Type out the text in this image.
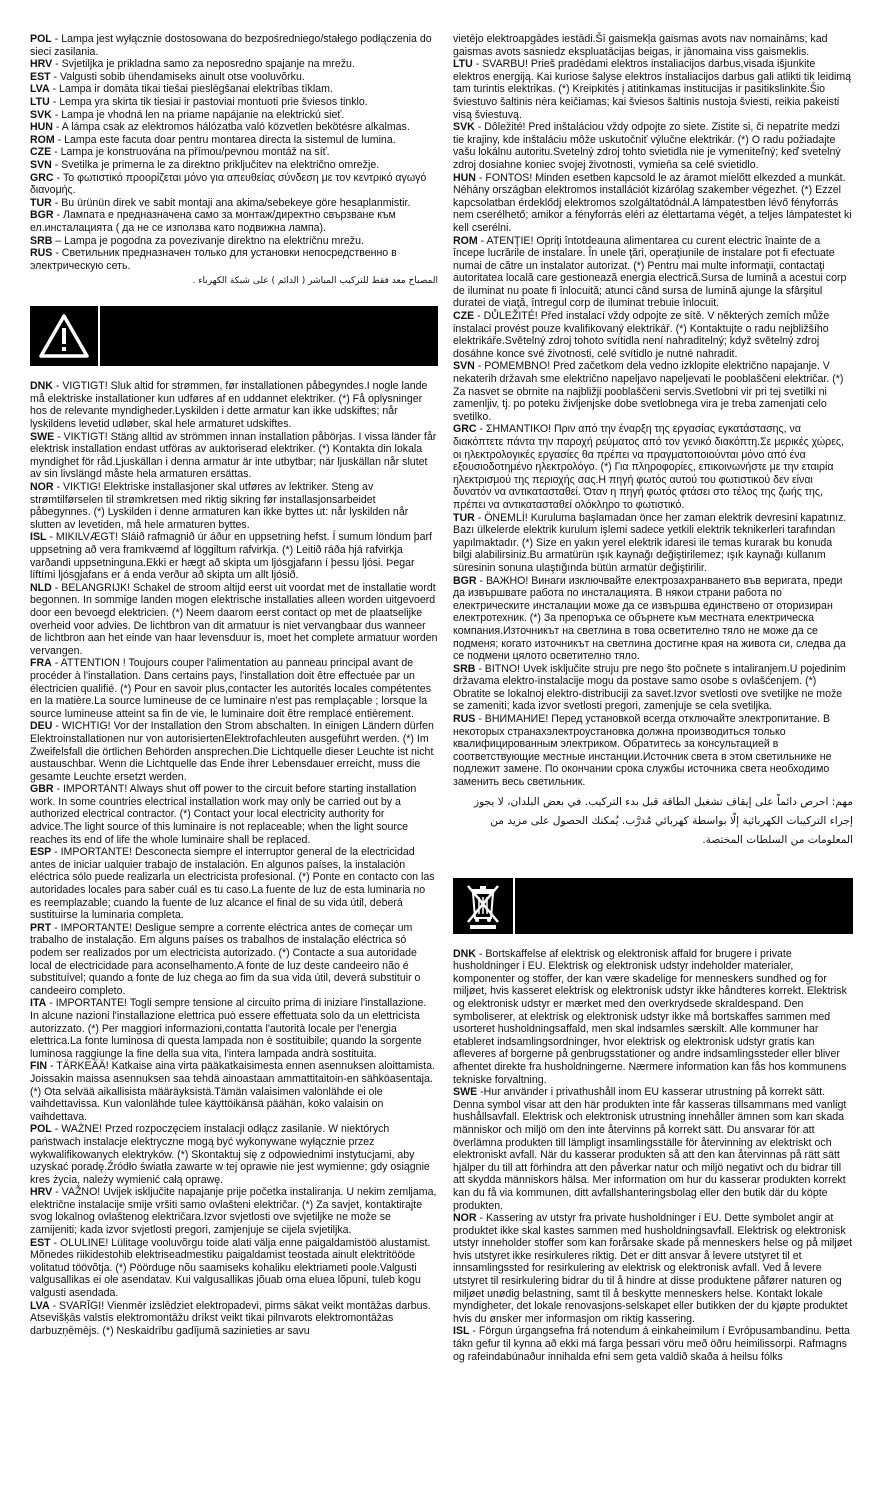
POL - Lampa jest wyłącznie dostosowana do bezpośredniego/stałego podłączenia do sieci zasilania.

HRV - Svjetiljka je prikladna samo za neposredno spajanje na mrežu.

EST - Valgusti sobib ühendamiseks ainult otse vooluvõrku.

LVA - Lampa ir domāta tikai tiešai pieslēgšanai elektrības tīklam.

LTU - Lempa yra skirta tik tiesiai ir pastoviai montuoti prie šviesos tinklo.

SVK - Lampa je vhodná len na priame napájanie na elektrickú sieť.

HUN - A lámpa csak az elektromos hálózatba való közvetlen bekötésre alkalmas.

ROM - Lampa este facuta doar pentru montarea directa la sistemul de lumina.

CZE - Lampa je konstruována na přímou/pevnou montáž na síť.

SVN - Svetilka je primerna le za direktno priključitev na električno omrežje.

GRC - Το φωτιστικό προορίζεται μόνο για απευθείας σύνδεση με τον κεντρικό αγωγό διανομής.

TUR - Bu ürünün direk ve sabit montaji ana akima/sebekeye göre hesaplanmistir.

BGR - Лампата е предназначена само за монтаж/директно свързване към ел.инсталацията ( да не се използва като подвижна лампа).

SRB – Lampa je pogodna za povezivanje direktno na električnu mrežu.

RUS - Светильник предназначен только для установки непосредственно в электрическую сеть.

المصباح معد فقط للتركيب المباشر ( الدائم ) على شبكة الكهرباء .

DNK - VIGTIGT! Sluk altid for strømmen, før installationen påbegyndes.I nogle lande må elektriske installationer kun udføres af en uddannet elektriker. (*) Få oplysninger hos de relevante myndigheder.Lyskilden i dette armatur kan ikke udskiftes; når lyskildens levetid udløber, skal hele armaturet udskiftes.

SWE - VIKTIGT! Stäng alltid av strömmen innan installation påbörjas. I vissa länder får elektrisk installation endast utföras av auktoriserad elektriker. (*) Kontakta din lokala myndighet för råd.Ljuskällan i denna armatur är inte utbytbar; när ljuskällan når slutet av sin livslängd måste hela armaturen ersättas.

NOR - VIKTIG! Elektriske installasjoner skal utføres av lektriker. Steng av strømtilførselen til strømkretsen med riktig sikring før installasjonsarbeidet påbegynnes. (*) Lyskilden i denne armaturen kan ikke byttes ut: når lyskilden når slutten av levetiden, må hele armaturen byttes.

ISL - MIKILVÆGT! Sláið rafmagnið úr áður en uppsetning hefst. Í sumum löndum þarf uppsetning að vera framkvæmd af löggiltum rafvirkja. (*) Leitið ráða hjá rafvirkja varðandi uppsetninguna.Ekki er hægt að skipta um ljósgjafann í þessu ljósi. Þegar líftími ljósgjafans er á enda verður að skipta um allt ljósið.

NLD - BELANGRIJK! Schakel de stroom altijd eerst uit voordat met de installatie wordt begonnen. In sommige landen mogen elektrische installaties alleen worden uitgevoerd door een bevoegd elektricien. (*) Neem daarom eerst contact op met de plaatselijke overheid voor advies. De lichtbron van dit armatuur is niet vervangbaar dus wanneer de lichtbron aan het einde van haar levensduur is, moet het complete armatuur worden vervangen.

FRA - ATTENTION ! Toujours couper l'alimentation au panneau principal avant de procéder à l'installation. Dans certains pays, l'installation doit être effectuée par un électricien qualifié. (*) Pour en savoir plus,contacter les autorités locales compétentes en la matière.La source lumineuse de ce luminaire n'est pas remplaçable ; lorsque la source lumineuse atteint sa fin de vie, le luminaire doit être remplacé entièrement.

DEU - WICHTIG! Vor der Installation den Strom abschalten. In einigen Ländern dürfen Elektroinstallationen nur von autorisiertenElektrofachleuten ausgeführt werden. (*) Im Zweifelsfall die örtlichen Behörden ansprechen.Die Lichtquelle dieser Leuchte ist nicht austauschbar. Wenn die Lichtquelle das Ende ihrer Lebensdauer erreicht, muss die gesamte Leuchte ersetzt werden.

GBR - IMPORTANT! Always shut off power to the circuit before starting installation work. In some countries electrical installation work may only be carried out by a authorized electrical contractor. (*) Contact your local electricity authority for advice.The light source of this luminaire is not replaceable; when the light source reaches its end of life the whole luminaire shall be replaced.

ESP - IMPORTANTE! Desconecta siempre el interruptor general de la electricidad antes de iniciar ualquier trabajo de instalación. En algunos países, la instalación eléctrica sólo puede realizarla un electricista profesional. (*) Ponte en contacto con las autoridades locales para saber cuál es tu caso.La fuente de luz de esta luminaria no es reemplazable; cuando la fuente de luz alcance el final de su vida útil, deberá sustituirse la luminaria completa.

PRT - IMPORTANTE! Desligue sempre a corrente eléctrica antes de começar um trabalho de instalação. Em alguns países os trabalhos de instalação eléctrica só podem ser realizados por um electricista autorizado. (*) Contacte a sua autoridade local de electricidade para aconselhamento.A fonte de luz deste candeeiro não é substituível; quando a fonte de luz chega ao fim da sua vida útil, deverá substituir o candeeiro completo.

ITA - IMPORTANTE! Togli sempre tensione al circuito prima di iniziare l'installazione. In alcune nazioni l'installazione elettrica può essere effettuata solo da un elettricista autorizzato. (*) Per maggiori informazioni,contatta l'autorità locale per l'energia elettrica.La fonte luminosa di questa lampada non è sostituibile; quando la sorgente luminosa raggiunge la fine della sua vita, l'intera lampada andrà sostituita.

FIN - TÄRKEÄÄ! Katkaise aina virta pääkatkaisimesta ennen asennuksen aloittamista. Joissakin maissa asennuksen saa tehdä ainoastaan ammattitaitoin-en sähköasentaja. (*) Ota selvää aikallisista määräyksistä.Tämän valaisimen valonlähde ei ole vaihdettavissa. Kun valonlähde tulee käyttöikänsä päähän, koko valaisin on vaihdettava.

POL - WAŻNE! Przed rozpoczęciem instalacji odłącz zasilanie. W niektórych państwach instalacje elektryczne mogą być wykonywane wyłącznie przez wykwalifikowanych elektryków. (*) Skontaktuj się z odpowiednimi instytucjami, aby uzyskać poradę.Źródło światła zawarte w tej oprawie nie jest wymienne; gdy osiągnie kres życia, należy wymienić całą oprawę.

HRV - VAŽNO! Uvijek isključite napajanje prije početka instaliranja. U nekim zemljama, električne instalacije smije vršiti samo ovlašteni električar. (*) Za savjet, kontaktirajte svog lokalnog ovlaštenog električara.Izvor svjetlosti ove svjetiljke ne može se zamijeniti; kada izvor svjetlosti pregori, zamjenjuje se cijela svjetiljka.

EST - OLULINE! Lülitage vooluvõrgu toide alati välja enne paigaldamistöö alustamist. Mõnedes riikidestohib elektriseadmestiku paigaldamist teostada ainult elektritööde volitatud töövõtja. (*) Pöörduge nõu saamiseks kohaliku elektriameti poole.Valgusti valgusallikas ei ole asendatav. Kui valgusallikas jõuab oma eluea lõpuni, tuleb kogu valgusti asendada.

LVA - SVARĪGI! Vienmēr izslēdziet elektropadevi, pirms sākat veikt montāžas darbus. Atsevišķās valstīs elektromontāžu drīkst veikt tikai pilnvarots elektromontāžas darbuzņēmējs. (*) Neskaidrību gadījumā sazinieties ar savu

vietējo elektroapgādes iestādi.Šī gaismekļa gaismas avots nav nomaināms; kad gaismas avots sasniedz ekspluatācijas beigas, ir jānomaina viss gaismeklis.

LTU - SVARBU! Prieš pradėdami elektros instaliacijos darbus,visada išjunkite elektros energiją. Kai kuriose šalyse elektros instaliacijos darbus gali atlikti tik leidimą tam turintis elektrikas. (*) Kreipkitės į atitinkamas institucijas ir pasitikslinkite.Šio šviestuvo šaltinis nėra keičiamas; kai šviesos šaltinis nustoja šviesti, reikia pakeisti visą šviestuvą.

SVK - Dôležité! Pred inštaláciou vždy odpojte zo siete. Zistite si, či nepatríte medzi tie krajiny, kde inštaláciu môže uskutočniť výlučne elektrikár. (*) O radu požiadajte vašu lokálnu autoritu.Svetelný zdroj tohto svietidla nie je vymeniteľný; keď svetelný zdroj dosiahne koniec svojej životnosti, vymieňa sa celé svietidlo.

HUN - FONTOS! Minden esetben kapcsold le az áramot mielőtt elkezded a munkát. Néhány országban elektromos installációt kizárólag szakember végezhet. (*) Ezzel kapcsolatban érdeklődj elektromos szolgáltatódnál.A lámpatestben lévő fényforrás nem cserélhető; amikor a fényforrás eléri az élettartama végét, a teljes lámpatestet ki kell cserélni.

ROM - ATENŢIE! Opriţi întotdeauna alimentarea cu curent electric înainte de a începe lucrările de instalare. În unele ţări, operaţiunile de instalare pot fi efectuate numai de către un instalator autorizat. (*) Pentru mai multe informaţii, contactaţi autoritatea locală care gestionează energia electrică.Sursa de lumină a acestui corp de iluminat nu poate fi înlocuită; atunci când sursa de lumină ajunge la sfârşitul duratei de viaţă, întregul corp de iluminat trebuie înlocuit.

CZE - DŮLEŽITÉ! Před instalací vždy odpojte ze sítě. V některých zemích může instalaci provést pouze kvalifikovaný elektrikář. (*) Kontaktujte o radu nejbližšího elektrikáře.Světelný zdroj tohoto svítidla není nahraditelný; když světelný zdroj dosáhne konce své životnosti, celé svítidlo je nutné nahradit.

SVN - POMEMBNO! Pred začetkom dela vedno izklopite električno napajanje. V nekaterih državah sme električno napeljavo napeljevati le pooblaščeni električar. (*) Za nasvet se obrnite na najbližji pooblaščeni servis.Svetlobni vir pri tej svetilki ni zamenljiv, tj. po poteku življenjske dobe svetlobnega vira je treba zamenjati celo svetilko.

GRC - ΣΗΜΑΝΤΙΚΟ! Πριν από την έναρξη της εργασίας εγκατάστασης, να διακόπτετε πάντα την παροχή ρεύματος από τον γενικό διακόπτη.Σε μερικές χώρες, οι ηλεκτρολογικές εργασίες θα πρέπει να πραγματοποιούνται μόνο από ένα εξουσιοδοτημένο ηλεκτρολόγο. (*) Για πληροφορίες, επικοινωνήστε με την εταιρία ηλεκτρισμού της περιοχής σας.Η πηγή φωτός αυτού του φωτιστικού δεν είναι δυνατόν να αντικατασταθεί. Όταν η πηγή φωτός φτάσει στο τέλος της ζωής της, πρέπει να αντικατασταθεί ολόκληρο το φωτιστικό.

TUR - ÖNEMLİ! Kuruluma başlamadan önce her zaman elektrik devresini kapatınız. Bazı ülkelerde elektrik kurulum işlemi sadece yetkili elektrik teknikerleri tarafından yapılmaktadır. (*) Size en yakın yerel elektrik idaresi ile temas kurarak bu konuda bilgi alabilirsiniz.Bu armatürün ışık kaynağı değiştirilemez; ışık kaynağı kullanım süresinin sonuna ulaştığında bütün armatür değiştirilir.

BGR - ВАЖНО! Винаги изключвайте електрозахранването във веригата, преди да извършвате работа по инсталацията. В някои страни работа по електрическите инсталации може да се извършва единствено от оторизиран електротехник. (*) За препоръка се обърнете към местната електрическа компания.Източникът на светлина в това осветително тяло не може да се подменя; когато източникът на светлина достигне края на живота си, следва да се подмени цялото осветително тяло.

SRB - BITNO! Uvek isključite struju pre nego što počnete s intaliranjem.U pojedinim državama elektro-instalacije mogu da postave samo osobe s ovlašćenjem. (*) Obratite se lokalnoj elektro-distribuciji za savet.Izvor svetlosti ove svetiljke ne može se zameniti; kada izvor svetlosti pregori, zamenjuje se cela svetiljka.

RUS - ВНИМАНИЕ! Перед установкой всегда отключайте электропитание. В некоторых странахэлектроустановка должна производиться только квалифицированным электриком. Обратитесь за консультацией в соответствующие местные инстанции.Источник света в этом светильнике не подлежит замене. По окончании срока службы источника света необходимо заменить весь светильник.

مهم: احرص دائماً على إيقاف تشغيل الطاقة قبل بدء التركيب. في بعض البلدان، لا يجوز إجراء التركيبات الكهربائية إلّا بواسطة كهربائي مُدرَّب. يُمكنك الحصول على مزيد من المعلومات من السلطات المختصة.

DNK - Bortskaffelse af elektrisk og elektronisk affald for brugere i private husholdninger i EU. Elektrisk og elektronisk udstyr indeholder materialer, komponenter og stoffer, der kan være skadelige for menneskers sundhed og for miljøet, hvis kasseret elektrisk og elektronisk udstyr ikke håndteres korrekt. Elektrisk og elektronisk udstyr er mærket med den overkrydsede skraldespand. Den symboliserer, at elektrisk og elektronisk udstyr ikke må bortskaffes sammen med usorteret husholdningsaffald, men skal indsamles særskilt. Alle kommuner har etableret indsamlingsordninger, hvor elektrisk og elektronisk udstyr gratis kan afleveres af borgerne på genbrugsstationer og andre indsamlingssteder eller bliver afhentet direkte fra husholdningerne. Nærmere information kan fås hos kommunens tekniske forvaltning.

SWE -Hur använder i privathushåll inom EU kasserar utrustning på korrekt sätt. Denna symbol visar att den här produkten inte får kasseras tillsammans med vanligt hushållsavfall. Elektrisk och elektronisk utrustning innehåller ämnen som kan skada människor och miljö om den inte återvinns på korrekt sätt. Du ansvarar för att överlämna produkten till lämpligt insamlingsställe för återvinning av elektriskt och elektroniskt avfall. När du kasserar produkten så att den kan återvinnas på rätt sätt hjälper du till att förhindra att den påverkar natur och miljö negativt och du bidrar till att skydda människors hälsa. Mer information om hur du kasserar produkten korrekt kan du få via kommunen, ditt avfallshanteringsbolag eller den butik där du köpte produkten.

NOR - Kassering av utstyr fra private husholdninger i EU. Dette symbolet angir at produktet ikke skal kastes sammen med husholdningsavfall. Elektrisk og elektronisk utstyr inneholder stoffer som kan forårsake skade på menneskers helse og på miljøet hvis utstyret ikke resirkuleres riktig. Det er ditt ansvar å levere utstyret til et innsamlingssted for resirkulering av elektrisk og elektronisk avfall. Ved å levere utstyret til resirkulering bidrar du til å hindre at disse produktene påfører naturen og miljøet unødig belastning, samt til å beskytte menneskers helse. Kontakt lokale myndigheter, det lokale renovasjons-selskapet eller butikken der du kjøpte produktet hvis du ønsker mer informasjon om riktig kassering.

ISL - Förgun úrgangsefna frá notendum á einkaheimilum í Evrópusambandinu. Þetta tákn gefur til kynna að ekki má farga þessari vöru með öðru heimilissorpi. Rafmagns og rafeindabúnaður innihalda efni sem geta valdið skaða á heilsu fólks
